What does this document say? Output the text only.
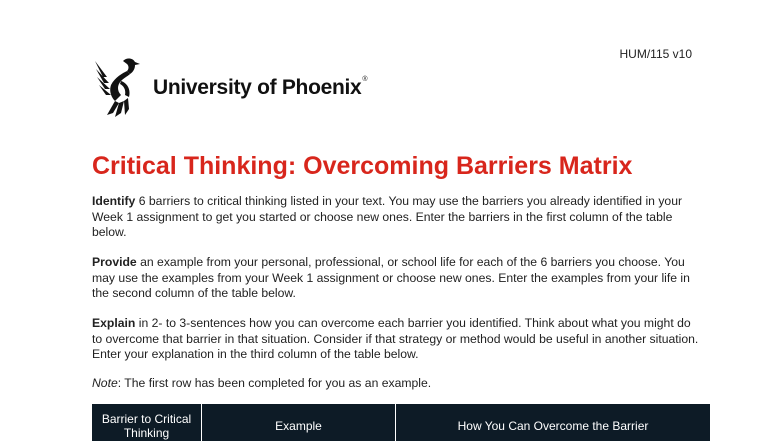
HUM/115 v10
University of Phoenix®
Critical Thinking: Overcoming Barriers Matrix

Identify 6 barriers to critical thinking listed in your text. You may use the barriers you already identified in your Week 1 assignment to get you started or choose new ones. Enter the barriers in the first column of the table below.

Provide an example from your personal, professional, or school life for each of the 6 barriers you choose. You may use the examples from your Week 1 assignment or choose new ones. Enter the examples from your life in the second column of the table below.

Explain in 2- to 3-sentences how you can overcome each barrier you identified. Think about what you might do to overcome that barrier in that situation. Consider if that strategy or method would be useful in another situation. Enter your explanation in the third column of the table below.

Note: The first row has been completed for you as an example.

Barrier to Critical Thinking	Example	How You Can Overcome the Barrier
